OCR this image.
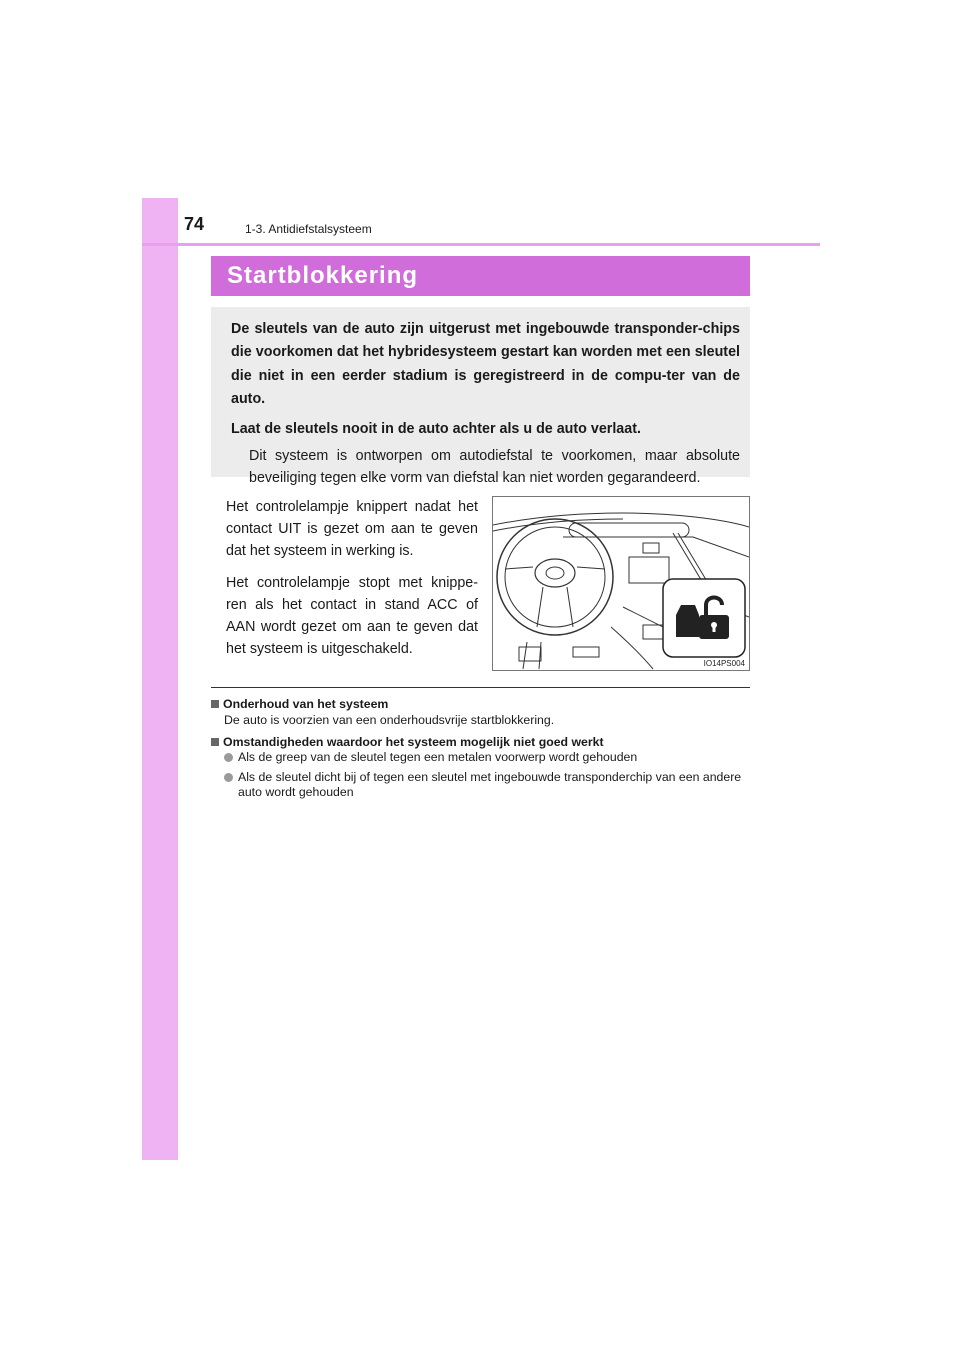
74	1-3. Antidiefstalsysteem
Startblokkering

De sleutels van de auto zijn uitgerust met ingebouwde transponder-chips die voorkomen dat het hybridesysteem gestart kan worden met een sleutel die niet in een eerder stadium is geregistreerd in de compu-ter van de auto.

Laat de sleutels nooit in de auto achter als u de auto verlaat.

Dit systeem is ontworpen om autodiefstal te voorkomen, maar absolute beveiliging tegen elke vorm van diefstal kan niet worden gegarandeerd.

Het controlelampje knippert nadat het contact UIT is gezet om aan te geven dat het systeem in werking is.

Het controlelampje stopt met knippe-ren als het contact in stand ACC of AAN wordt gezet om aan te geven dat het systeem is uitgeschakeld.

IO14PS004
Onderhoud van het systeem
De auto is voorzien van een onderhoudsvrije startblokkering.
Omstandigheden waardoor het systeem mogelijk niet goed werkt
Als de greep van de sleutel tegen een metalen voorwerp wordt gehouden
Als de sleutel dicht bij of tegen een sleutel met ingebouwde transponderchip van een andere auto wordt gehouden
